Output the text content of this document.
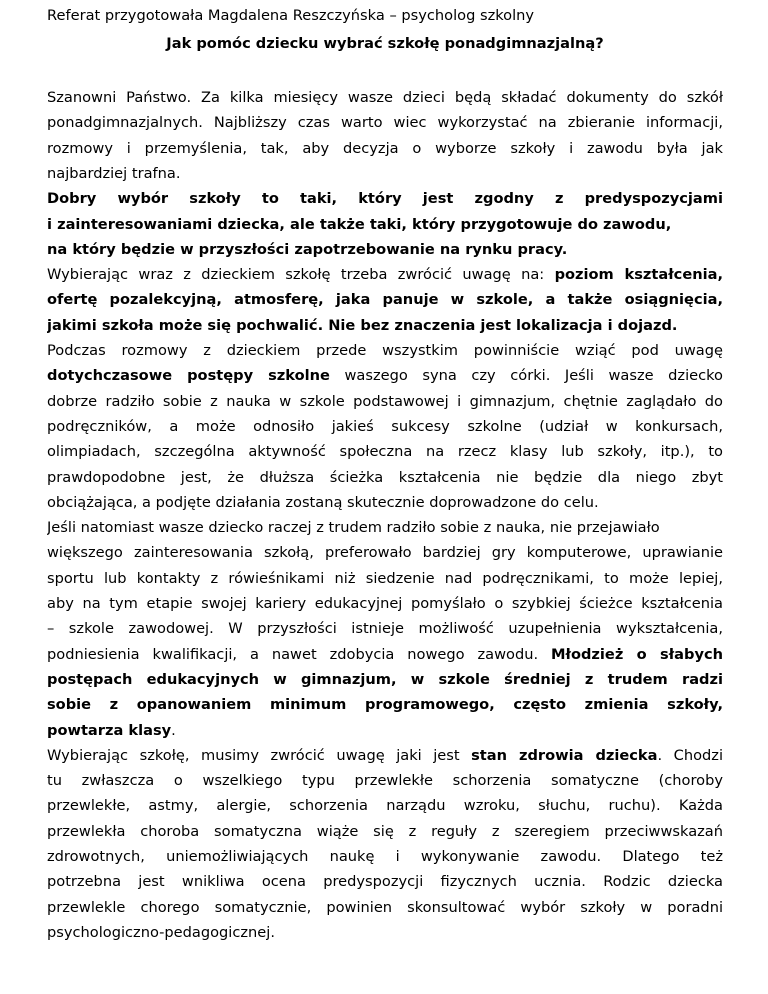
Referat przygotowała Magdalena Reszczyńska – psycholog szkolny
Jak pomóc dziecku wybrać szkołę ponadgimnazjalną?
Szanowni Państwo. Za kilka miesięcy wasze dzieci będą składać dokumenty do szkół
ponadgimnazjalnych. Najbliższy czas warto wiec wykorzystać na zbieranie informacji,
rozmowy i przemyślenia, tak, aby decyzja o wyborze szkoły i zawodu była jak
najbardziej trafna.
Dobry wybór szkoły to taki, który jest zgodny z predyspozycjami
i zainteresowaniami dziecka, ale także taki, który przygotowuje do zawodu,
na który będzie w przyszłości zapotrzebowanie na rynku pracy.
Wybierając wraz z dzieckiem szkołę trzeba zwrócić uwagę na: poziom kształcenia,
ofertę pozalekcyjną, atmosferę, jaka panuje w szkole, a także osiągnięcia,
jakimi szkoła może się pochwalić. Nie bez znaczenia jest lokalizacja i dojazd.
Podczas rozmowy z dzieckiem przede wszystkim powinniście wziąć pod uwagę
dotychczasowe postępy szkolne waszego syna czy córki. Jeśli wasze dziecko
dobrze radziło sobie z nauka w szkole podstawowej i gimnazjum, chętnie zaglądało do
podręczników, a może odnosiło jakieś sukcesy szkolne (udział w konkursach,
olimpiadach, szczególna aktywność społeczna na rzecz klasy lub szkoły, itp.), to
prawdopodobne jest, że dłuższa ścieżka kształcenia nie będzie dla niego zbyt
obciążająca, a podjęte działania zostaną skutecznie doprowadzone do celu.
Jeśli natomiast wasze dziecko raczej z trudem radziło sobie z nauka, nie przejawiało
większego zainteresowania szkołą, preferowało bardziej gry komputerowe, uprawianie
sportu lub kontakty z rówieśnikami niż siedzenie nad podręcznikami, to może lepiej,
aby na tym etapie swojej kariery edukacyjnej pomyślało o szybkiej ścieżce kształcenia
– szkole zawodowej. W przyszłości istnieje możliwość uzupełnienia wykształcenia,
podniesienia kwalifikacji, a nawet zdobycia nowego zawodu. Młodzież o słabych
postępach edukacyjnych w gimnazjum, w szkole średniej z trudem radzi
sobie z opanowaniem minimum programowego, często zmienia szkoły,
powtarza klasy.
Wybierając szkołę, musimy zwrócić uwagę jaki jest stan zdrowia dziecka. Chodzi
tu zwłaszcza o wszelkiego typu przewlekłe schorzenia somatyczne (choroby
przewlekłe, astmy, alergie, schorzenia narządu wzroku, słuchu, ruchu). Każda
przewlekła choroba somatyczna wiąże się z reguły z szeregiem przeciwwskazań
zdrowotnych, uniemożliwiających naukę i wykonywanie zawodu. Dlatego też
potrzebna jest wnikliwa ocena predyspozycji fizycznych ucznia. Rodzic dziecka
przewlekle chorego somatycznie, powinien skonsultować wybór szkoły w poradni
psychologiczno-pedagogicznej.
